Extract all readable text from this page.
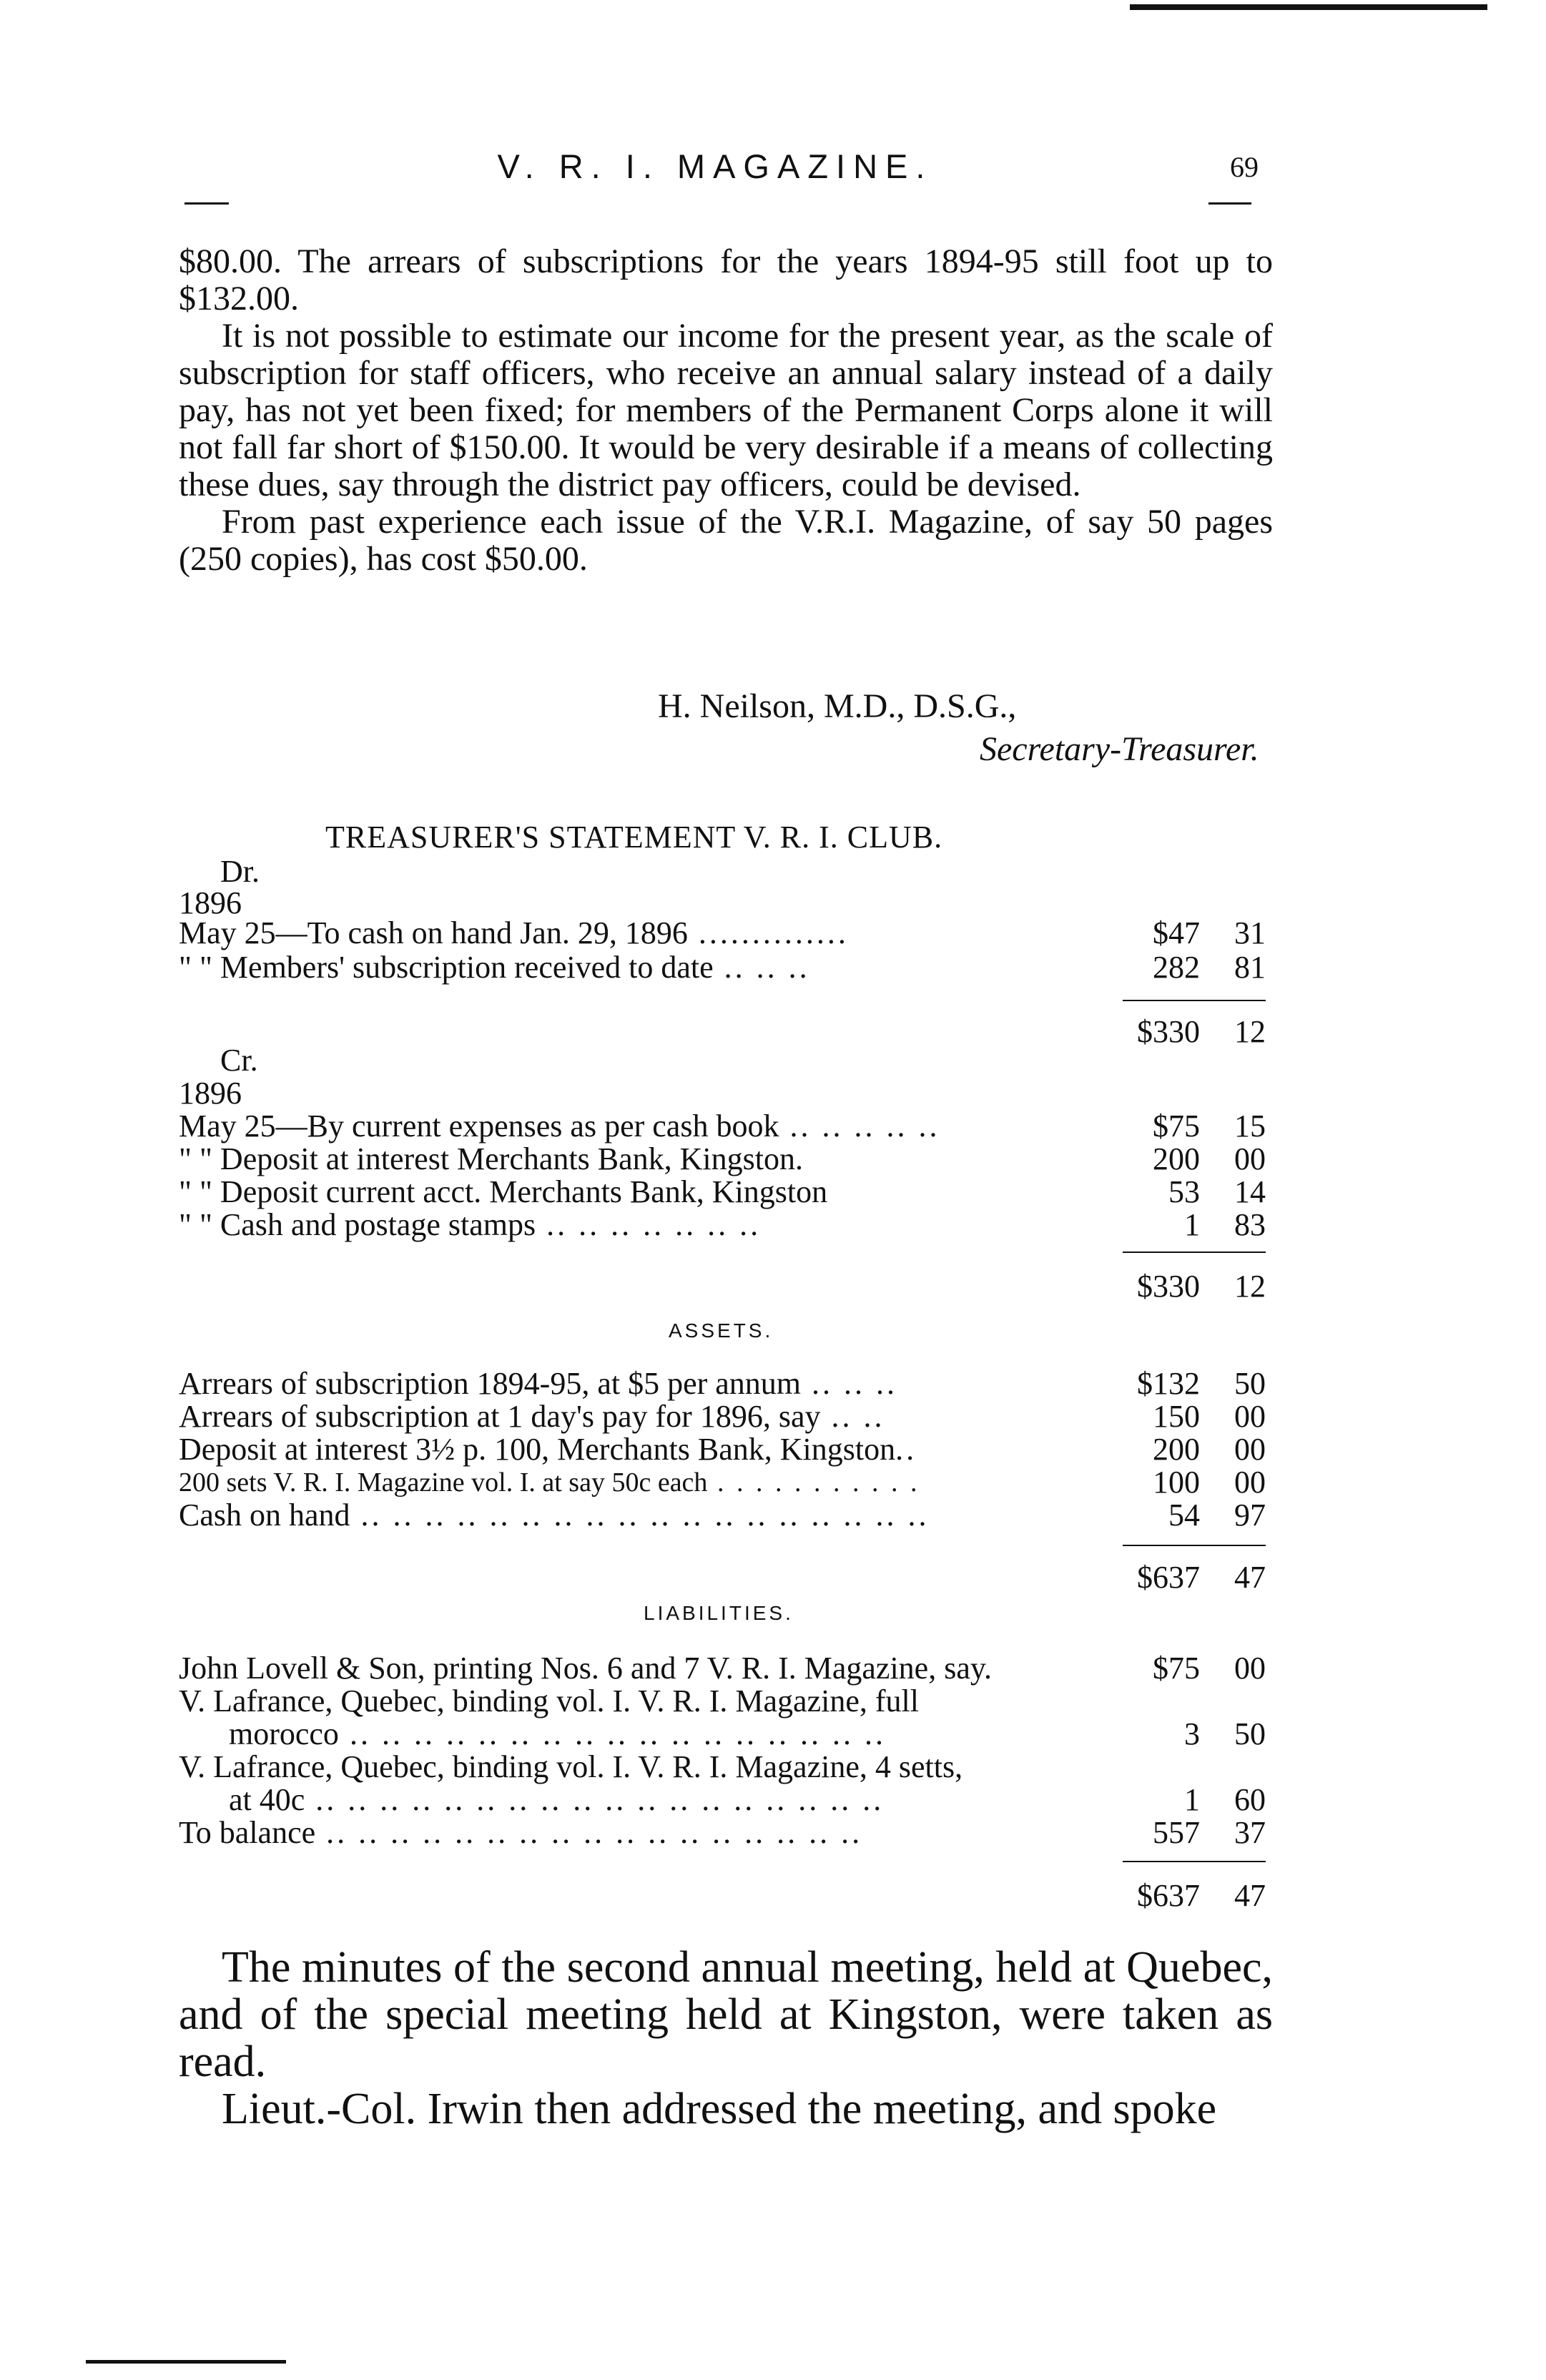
V. R. I. MAGAZINE.	69

$80.00. The arrears of subscriptions for the years 1894-95 still foot up to $132.00.

It is not possible to estimate our income for the present year, as the scale of subscription for staff officers, who receive an annual salary instead of a daily pay, has not yet been fixed; for members of the Permanent Corps alone it will not fall far short of $150.00. It would be very desirable if a means of collecting these dues, say through the district pay officers, could be devised.

From past experience each issue of the V.R.I. Magazine, of say 50 pages (250 copies), has cost $50.00.

H. Neilson, M.D., D.S.G.,
Secretary-Treasurer.
TREASURER'S STATEMENT V. R. I. CLUB.
Dr.
1896
May 25—To cash on hand Jan. 29, 1896 ..............	$47 31
" " Members' subscription received to date .. .. ..	282 81
$330 12
Cr.
1896
May 25—By current expenses as per cash book .. .. .. .. ..	$75 15
" " Deposit at interest Merchants Bank, Kingston.	200 00
" " Deposit current acct. Merchants Bank, Kingston	53 14
" " Cash and postage stamps .. .. .. .. .. .. ..	1 83
$330 12
ASSETS.
Arrears of subscription 1894-95, at $5 per annum .. .. ..	$132 50
Arrears of subscription at 1 day's pay for 1896, say .. ..	150 00
Deposit at interest 3½ p. 100, Merchants Bank, Kingston..	200 00
200 sets V. R. I. Magazine vol. I. at say 50c each . . . . . . . . . . .	100 00
Cash on hand .. .. .. .. .. .. .. .. .. .. .. .. .. .. .. .. .. ..	54 97
$637 47
LIABILITIES.
John Lovell & Son, printing Nos. 6 and 7 V. R. I. Magazine, say.	$75 00
V. Lafrance, Quebec, binding vol. I. V. R. I. Magazine, full
morocco .. .. .. .. .. .. .. .. .. .. .. .. .. .. .. .. ..	3 50
V. Lafrance, Quebec, binding vol. I. V. R. I. Magazine, 4 setts,
at 40c .. .. .. .. .. .. .. .. .. .. .. .. .. .. .. .. .. ..	1 60
To balance .. .. .. .. .. .. .. .. .. .. .. .. .. .. .. .. ..	557 37
$637 47

The minutes of the second annual meeting, held at Quebec, and of the special meeting held at Kingston, were taken as read.

Lieut.-Col. Irwin then addressed the meeting, and spoke
